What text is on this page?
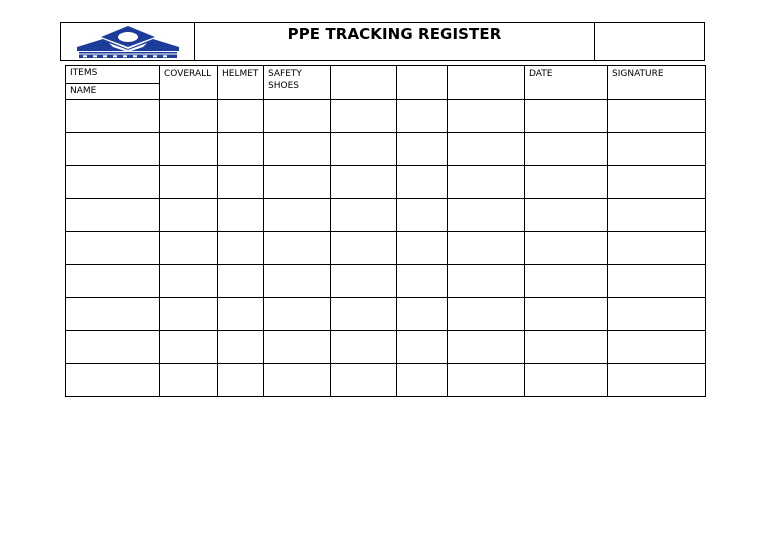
PPE TRACKING REGISTER
ITEMS
NAME	COVERALL	HELMET	SAFETY SHOES				DATE	SIGNATURE
